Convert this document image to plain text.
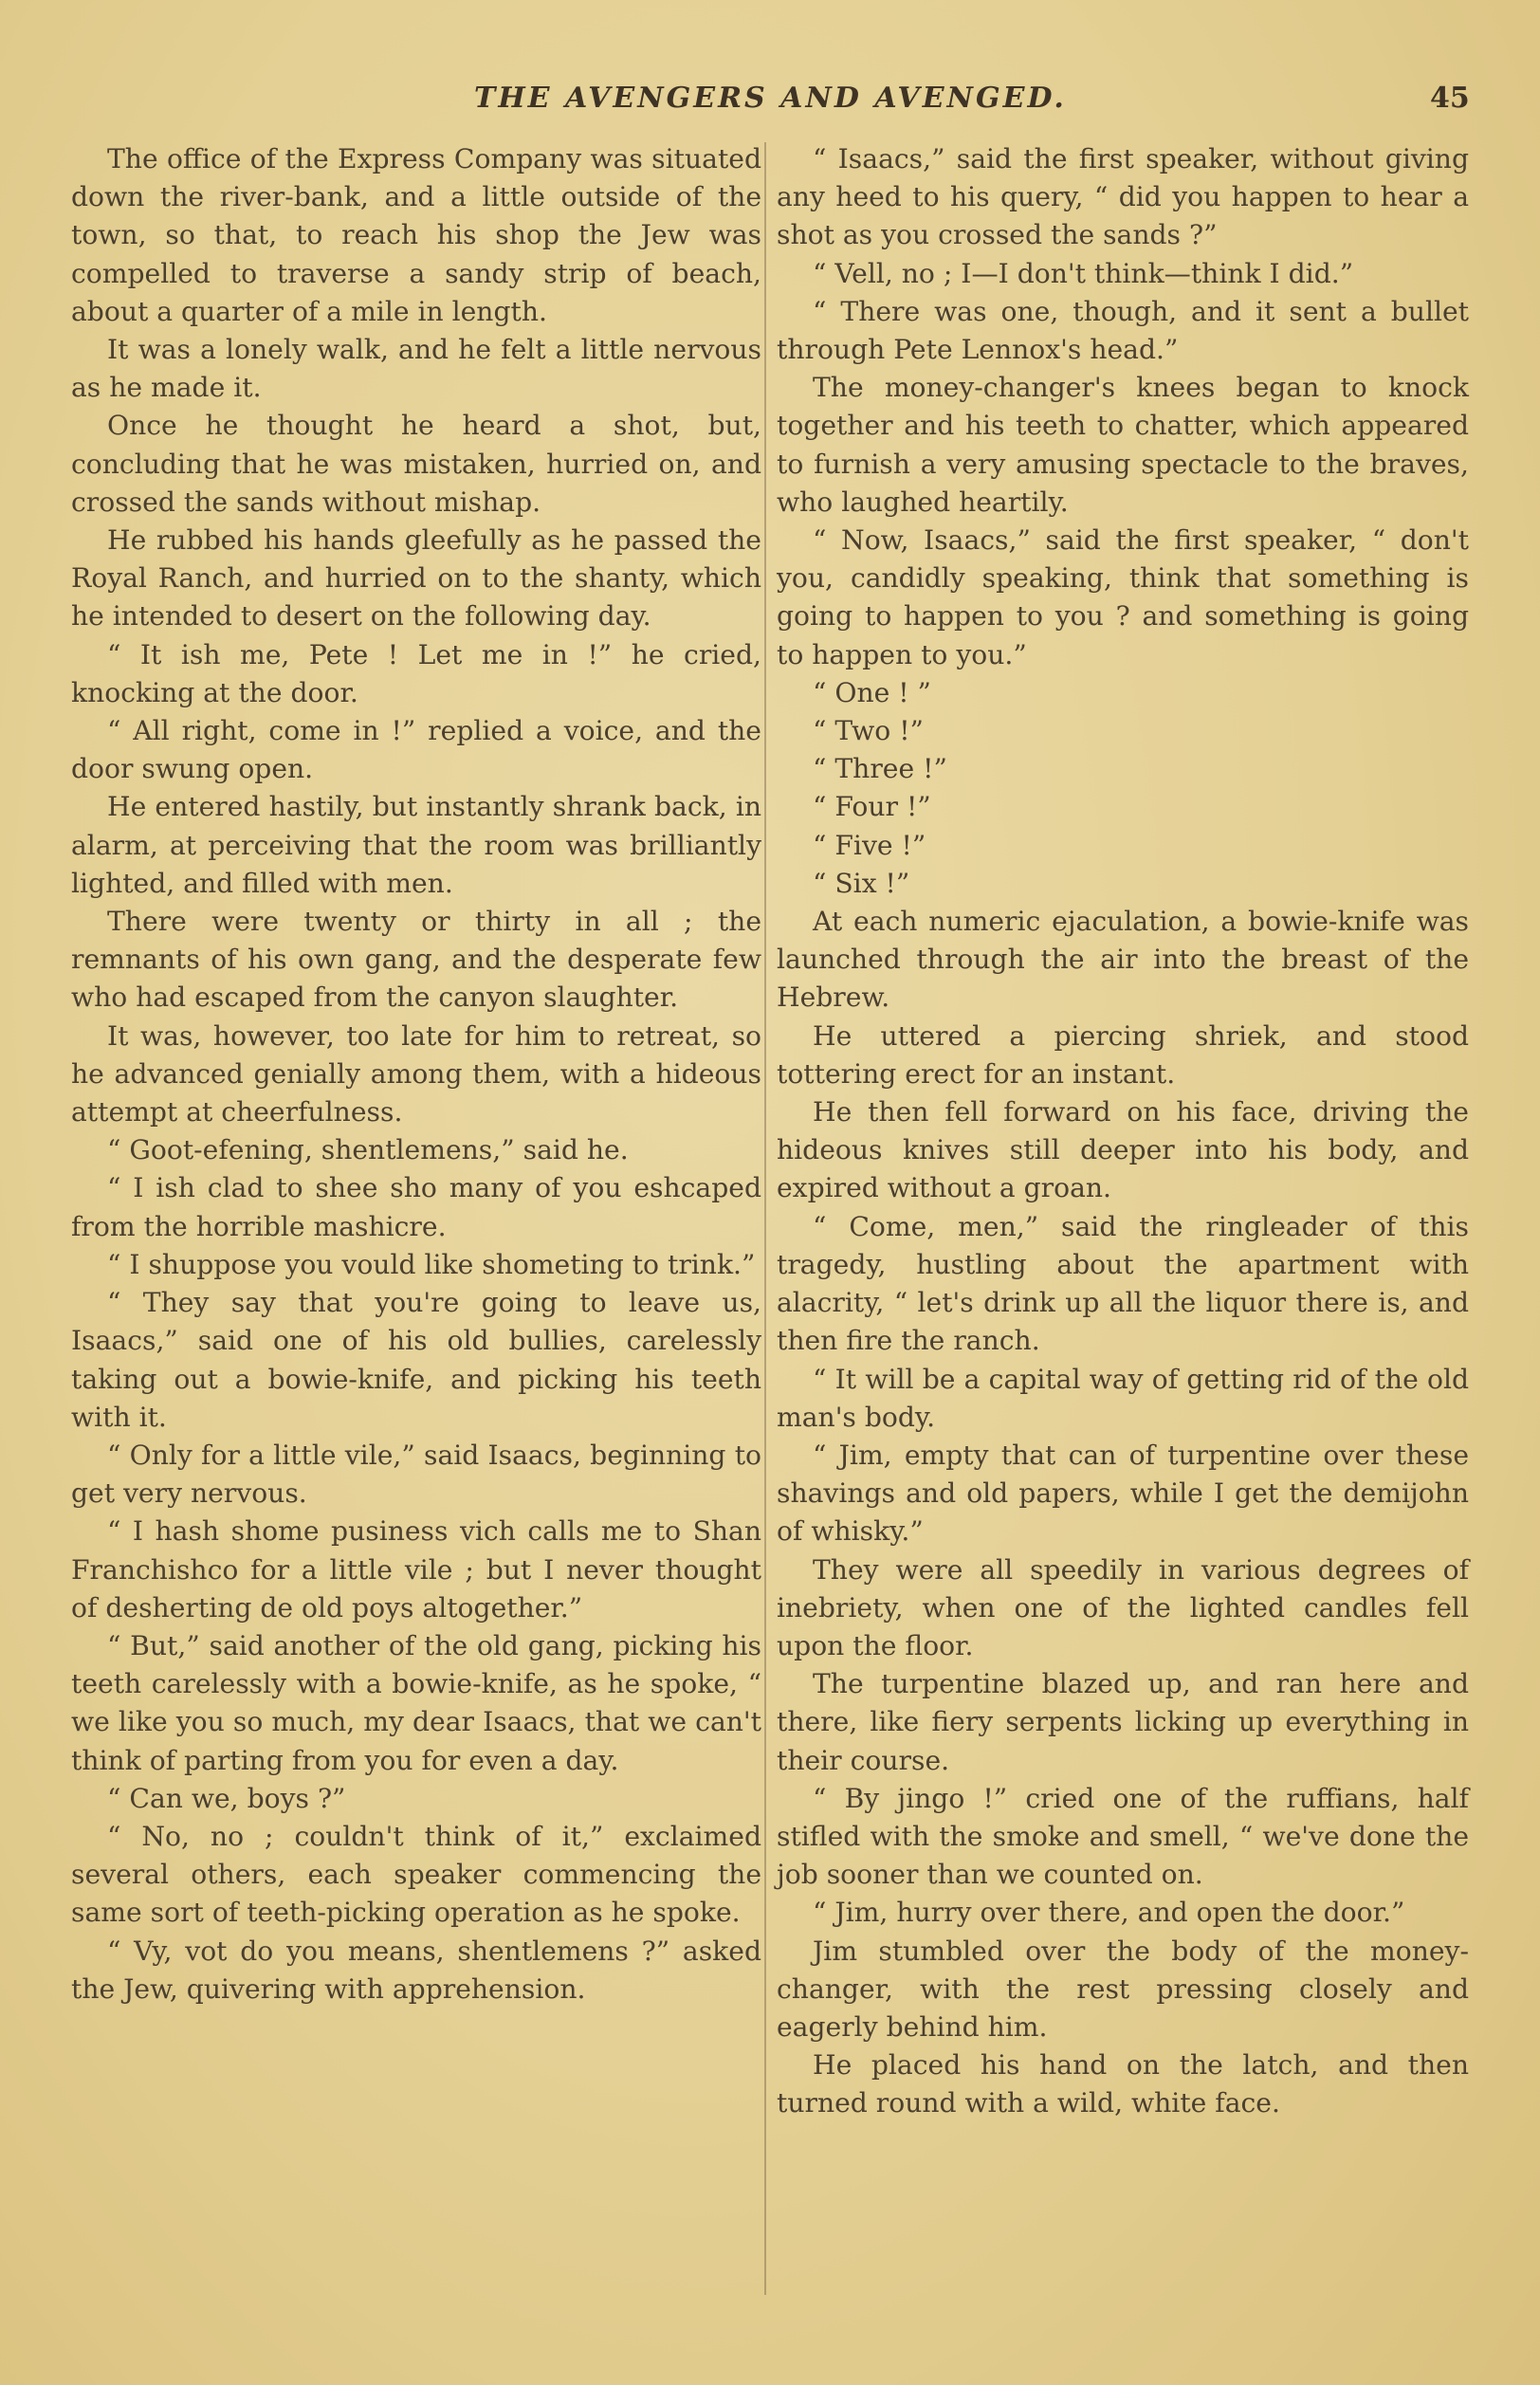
THE AVENGERS AND AVENGED.	45

The office of the Express Company was situated down the river-bank, and a little outside of the town, so that, to reach his shop the Jew was compelled to traverse a sandy strip of beach, about a quarter of a mile in length.

It was a lonely walk, and he felt a little nervous as he made it.

Once he thought he heard a shot, but, concluding that he was mistaken, hurried on, and crossed the sands without mishap.

He rubbed his hands gleefully as he passed the Royal Ranch, and hurried on to the shanty, which he intended to desert on the following day.

“ It ish me, Pete ! Let me in !” he cried, knocking at the door.

“ All right, come in !” replied a voice, and the door swung open.

He entered hastily, but instantly shrank back, in alarm, at perceiving that the room was brilliantly lighted, and filled with men.

There were twenty or thirty in all ; the remnants of his own gang, and the desperate few who had escaped from the canyon slaughter.

It was, however, too late for him to retreat, so he advanced genially among them, with a hideous attempt at cheerfulness.

“ Goot-efening, shentlemens,” said he.

“ I ish clad to shee sho many of you eshcaped from the horrible mashicre.

“ I shuppose you vould like shometing to trink.”

“ They say that you're going to leave us, Isaacs,” said one of his old bullies, carelessly taking out a bowie-knife, and picking his teeth with it.

“ Only for a little vile,” said Isaacs, beginning to get very nervous.

“ I hash shome pusiness vich calls me to Shan Franchishco for a little vile ; but I never thought of desherting de old poys altogether.”

“ But,” said another of the old gang, picking his teeth carelessly with a bowie-knife, as he spoke, “ we like you so much, my dear Isaacs, that we can't think of parting from you for even a day.

“ Can we, boys ?”

“ No, no ; couldn't think of it,” exclaimed several others, each speaker commencing the same sort of teeth-picking operation as he spoke.

“ Vy, vot do you means, shentlemens ?” asked the Jew, quivering with apprehension.

“ Isaacs,” said the first speaker, without giving any heed to his query, “ did you happen to hear a shot as you crossed the sands ?”

“ Vell, no ; I—I don't think—think I did.”

“ There was one, though, and it sent a bullet through Pete Lennox's head.”

The money-changer's knees began to knock together and his teeth to chatter, which appeared to furnish a very amusing spectacle to the braves, who laughed heartily.

“ Now, Isaacs,” said the first speaker, “ don't you, candidly speaking, think that something is going to happen to you ? and something is going to happen to you.”

“ One ! ”

“ Two !”

“ Three !”

“ Four !”

“ Five !”

“ Six !”

At each numeric ejaculation, a bowie-knife was launched through the air into the breast of the Hebrew.

He uttered a piercing shriek, and stood tottering erect for an instant.

He then fell forward on his face, driving the hideous knives still deeper into his body, and expired without a groan.

“ Come, men,” said the ringleader of this tragedy, hustling about the apartment with alacrity, “ let's drink up all the liquor there is, and then fire the ranch.

“ It will be a capital way of getting rid of the old man's body.

“ Jim, empty that can of turpentine over these shavings and old papers, while I get the demijohn of whisky.”

They were all speedily in various degrees of inebriety, when one of the lighted candles fell upon the floor.

The turpentine blazed up, and ran here and there, like fiery serpents licking up everything in their course.

“ By jingo !” cried one of the ruffians, half stifled with the smoke and smell, “ we've done the job sooner than we counted on.

“ Jim, hurry over there, and open the door.”

Jim stumbled over the body of the money-changer, with the rest pressing closely and eagerly behind him.

He placed his hand on the latch, and then turned round with a wild, white face.
